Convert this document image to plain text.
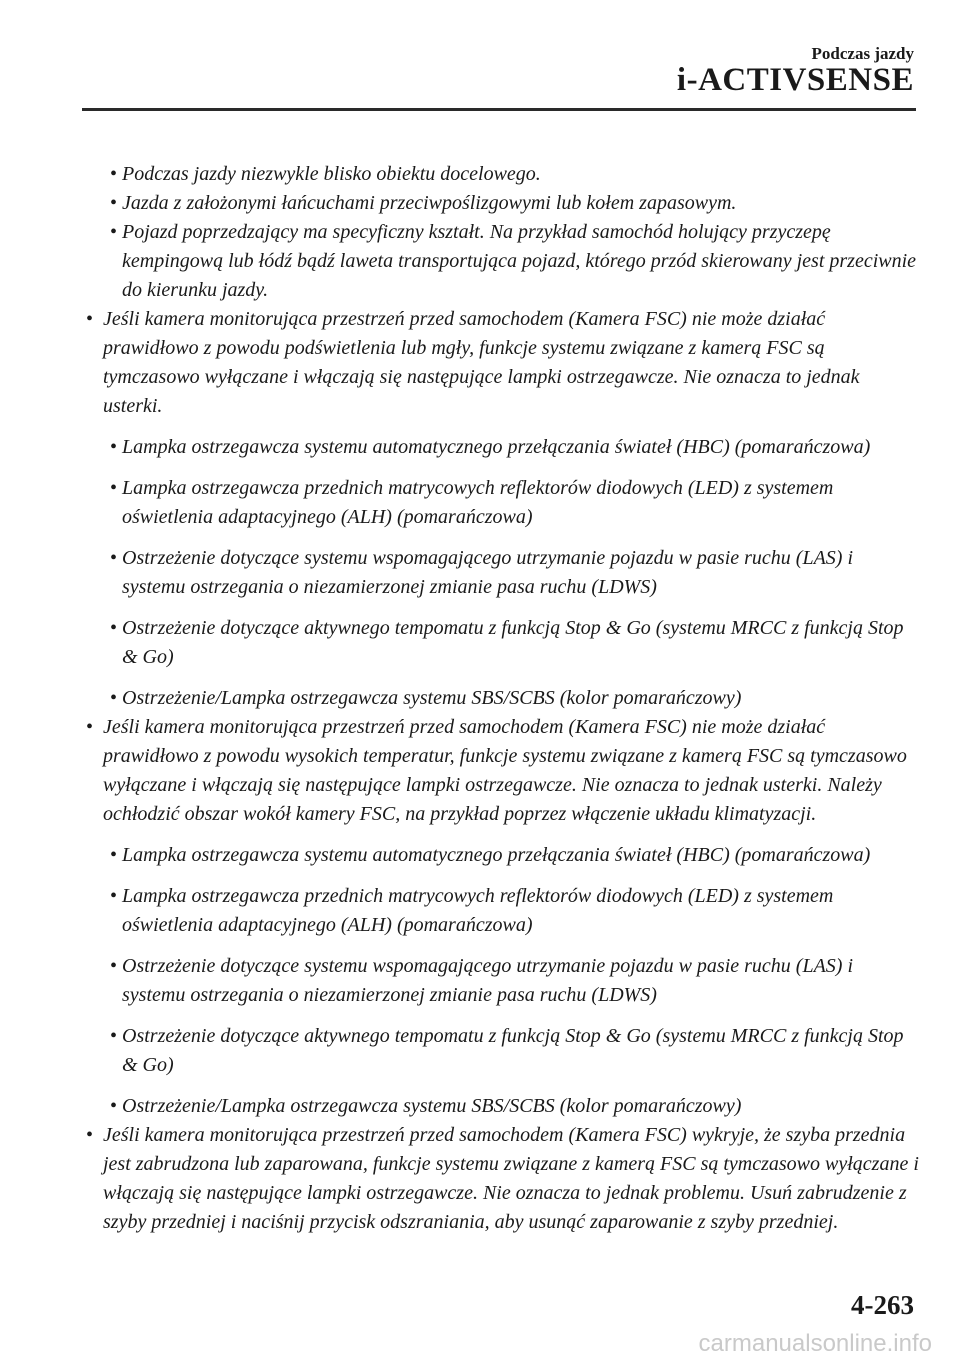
Podczas jazdy
i-ACTIVSENSE
• Podczas jazdy niezwykle blisko obiektu docelowego.
• Jazda z założonymi łańcuchami przeciwpoślizgowymi lub kołem zapasowym.
• Pojazd poprzedzający ma specyficzny kształt. Na przykład samochód holujący przyczepę kempingową lub łódź bądź laweta transportująca pojazd, którego przód skierowany jest przeciwnie do kierunku jazdy.
• Jeśli kamera monitorująca przestrzeń przed samochodem (Kamera FSC) nie może działać prawidłowo z powodu podświetlenia lub mgły, funkcje systemu związane z kamerą FSC są tymczasowo wyłączane i włączają się następujące lampki ostrzegawcze. Nie oznacza to jednak usterki.
• Lampka ostrzegawcza systemu automatycznego przełączania świateł (HBC) (pomarańczowa)
• Lampka ostrzegawcza przednich matrycowych reflektorów diodowych (LED) z systemem oświetlenia adaptacyjnego (ALH) (pomarańczowa)
• Ostrzeżenie dotyczące systemu wspomagającego utrzymanie pojazdu w pasie ruchu (LAS) i systemu ostrzegania o niezamierzonej zmianie pasa ruchu (LDWS)
• Ostrzeżenie dotyczące aktywnego tempomatu z funkcją Stop & Go (systemu MRCC z funkcją Stop & Go)
• Ostrzeżenie/Lampka ostrzegawcza systemu SBS/SCBS (kolor pomarańczowy)
• Jeśli kamera monitorująca przestrzeń przed samochodem (Kamera FSC) nie może działać prawidłowo z powodu wysokich temperatur, funkcje systemu związane z kamerą FSC są tymczasowo wyłączane i włączają się następujące lampki ostrzegawcze. Nie oznacza to jednak usterki. Należy ochłodzić obszar wokół kamery FSC, na przykład poprzez włączenie układu klimatyzacji.
• Lampka ostrzegawcza systemu automatycznego przełączania świateł (HBC) (pomarańczowa)
• Lampka ostrzegawcza przednich matrycowych reflektorów diodowych (LED) z systemem oświetlenia adaptacyjnego (ALH) (pomarańczowa)
• Ostrzeżenie dotyczące systemu wspomagającego utrzymanie pojazdu w pasie ruchu (LAS) i systemu ostrzegania o niezamierzonej zmianie pasa ruchu (LDWS)
• Ostrzeżenie dotyczące aktywnego tempomatu z funkcją Stop & Go (systemu MRCC z funkcją Stop & Go)
• Ostrzeżenie/Lampka ostrzegawcza systemu SBS/SCBS (kolor pomarańczowy)
• Jeśli kamera monitorująca przestrzeń przed samochodem (Kamera FSC) wykryje, że szyba przednia jest zabrudzona lub zaparowana, funkcje systemu związane z kamerą FSC są tymczasowo wyłączane i włączają się następujące lampki ostrzegawcze. Nie oznacza to jednak problemu. Usuń zabrudzenie z szyby przedniej i naciśnij przycisk odszraniania, aby usunąć zaparowanie z szyby przedniej.
4-263
carmanualsonline.info
